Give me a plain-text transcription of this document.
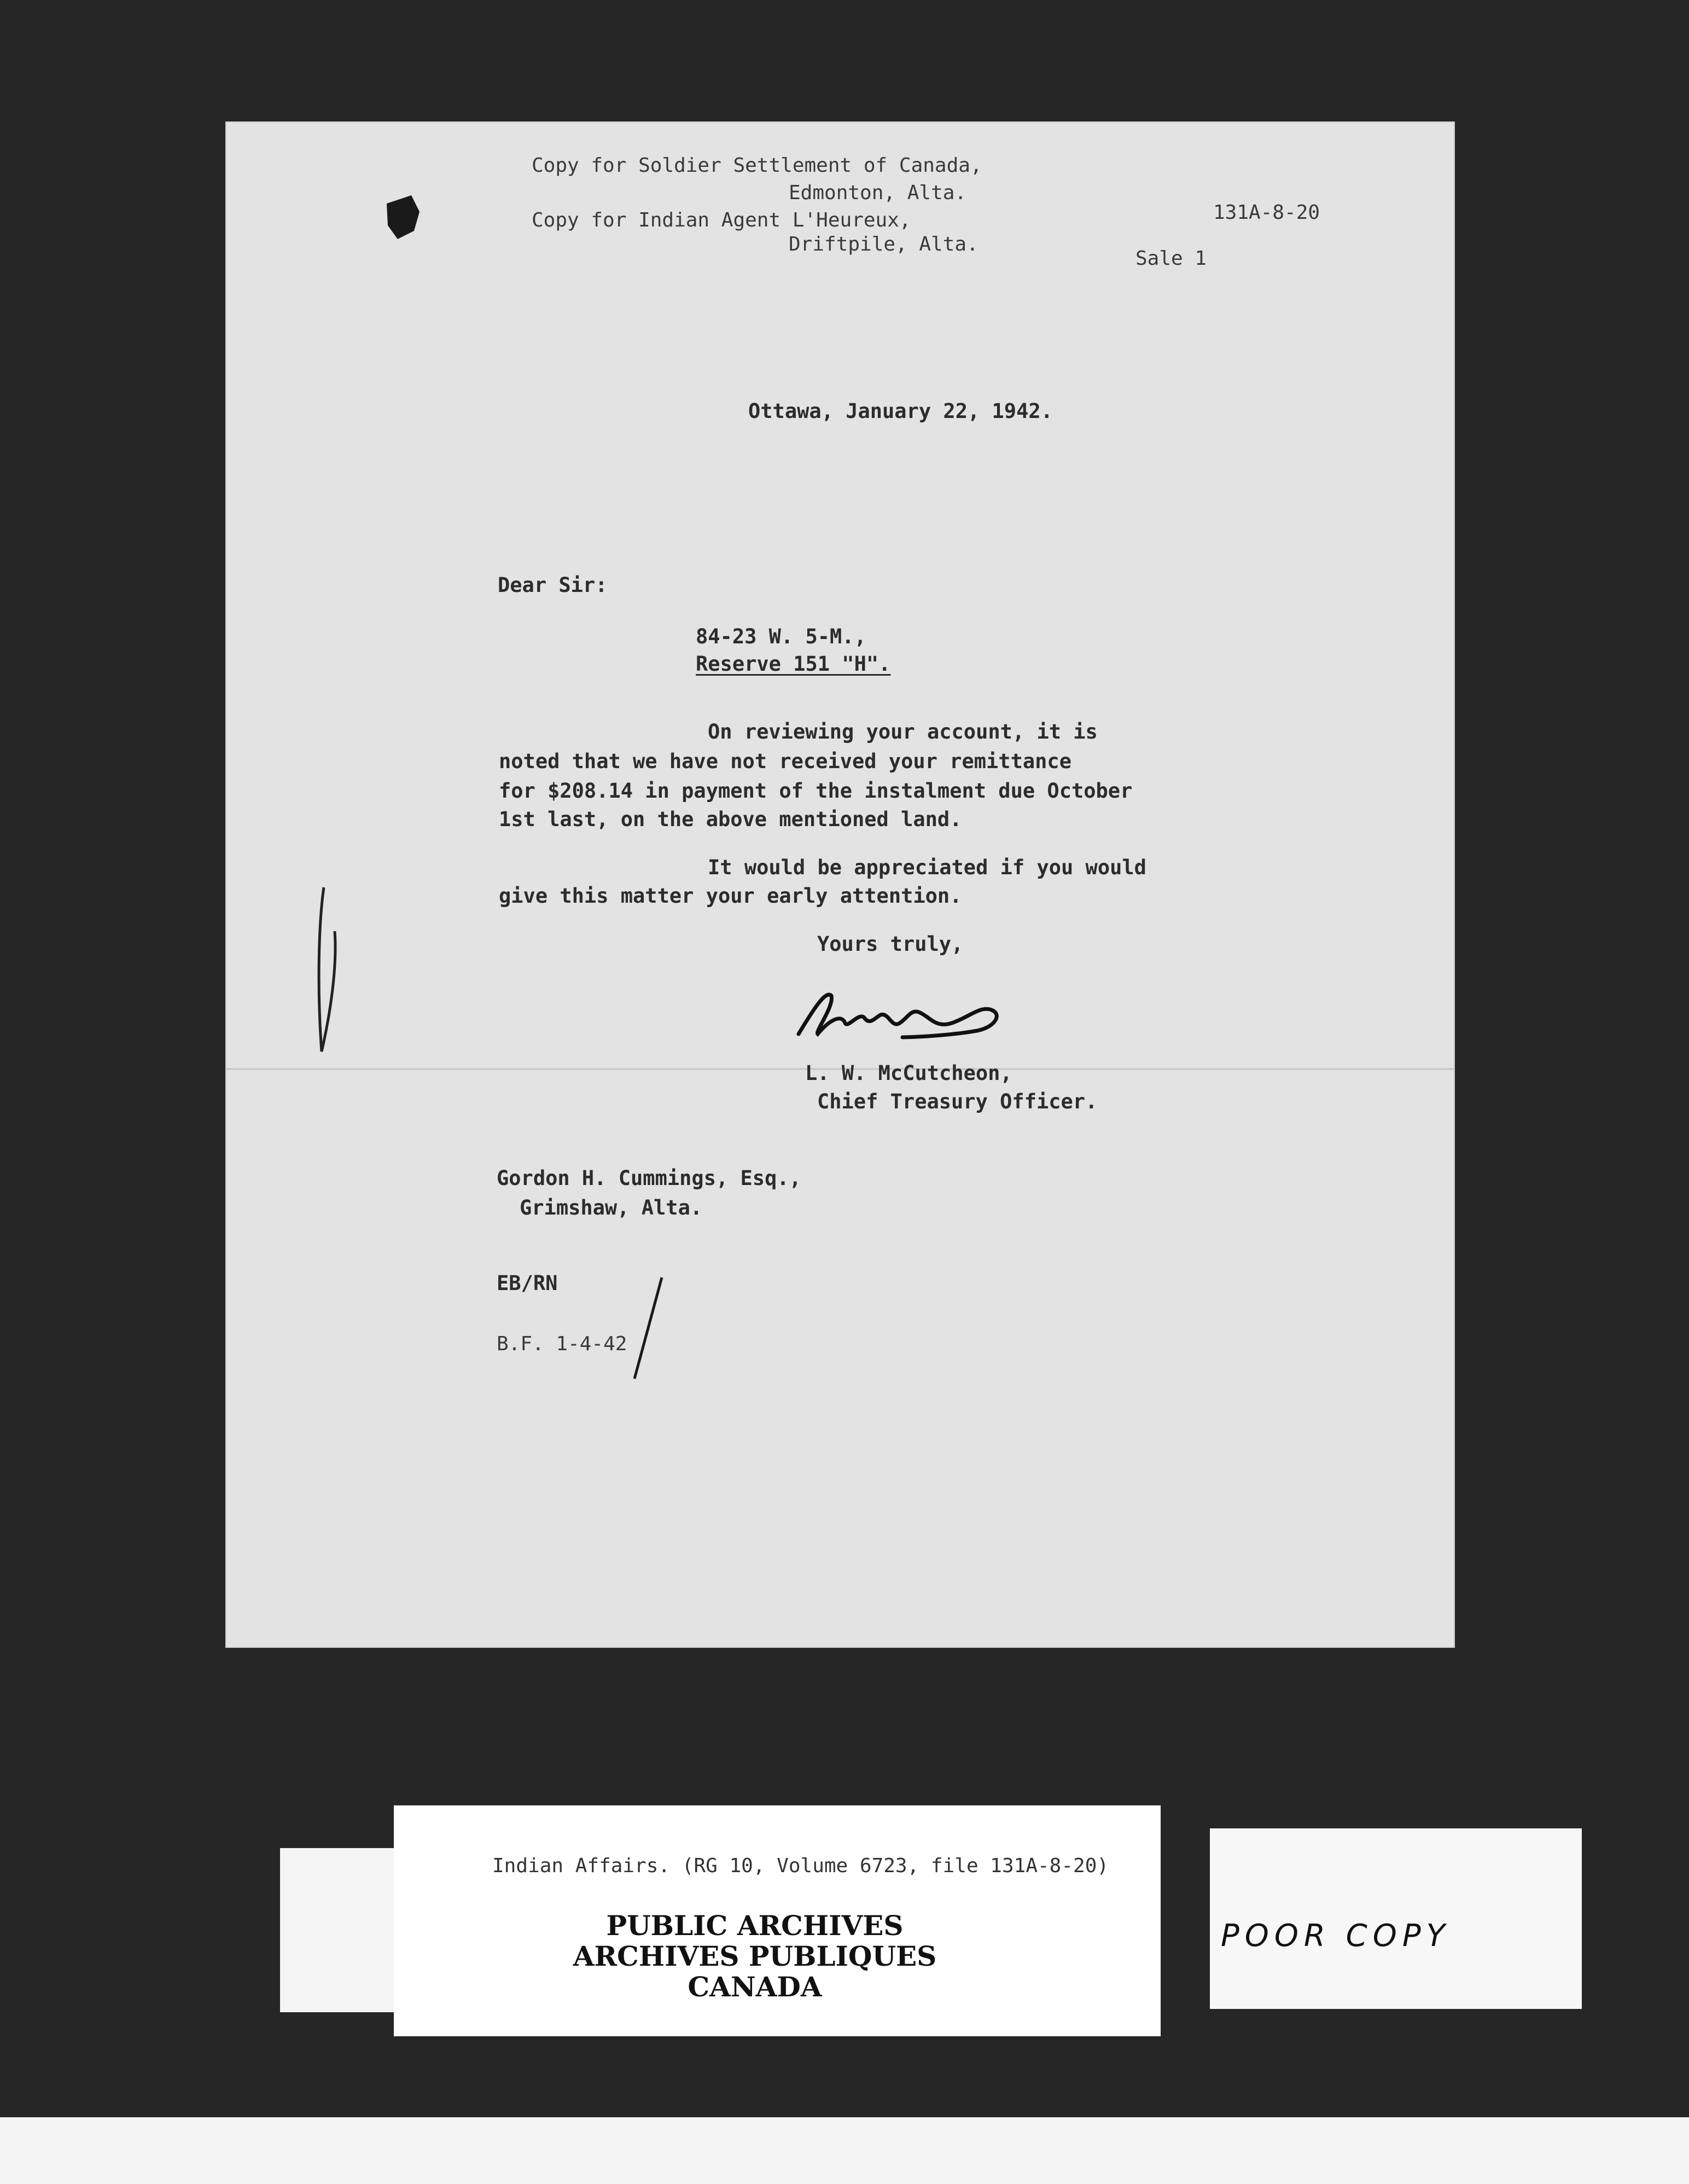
Copy for Soldier Settlement of Canada,
Edmonton, Alta.
Copy for Indian Agent L'Heureux,
Driftpile, Alta.
131A-8-20
Sale 1
Ottawa, January 22, 1942.
Dear Sir:
84-23 W. 5-M.,
Reserve 151 "H".
On reviewing your account, it is
noted that we have not received your remittance
for $208.14 in payment of the instalment due October
1st last, on the above mentioned land.
It would be appreciated if you would
give this matter your early attention.
Yours truly,
L. W. McCutcheon,
Chief Treasury Officer.
Gordon H. Cummings, Esq.,
Grimshaw, Alta.
EB/RN
B.F. 1-4-42
Indian Affairs. (RG 10, Volume 6723, file 131A-8-20)
PUBLIC ARCHIVES
ARCHIVES PUBLIQUES
CANADA
POOR COPY
